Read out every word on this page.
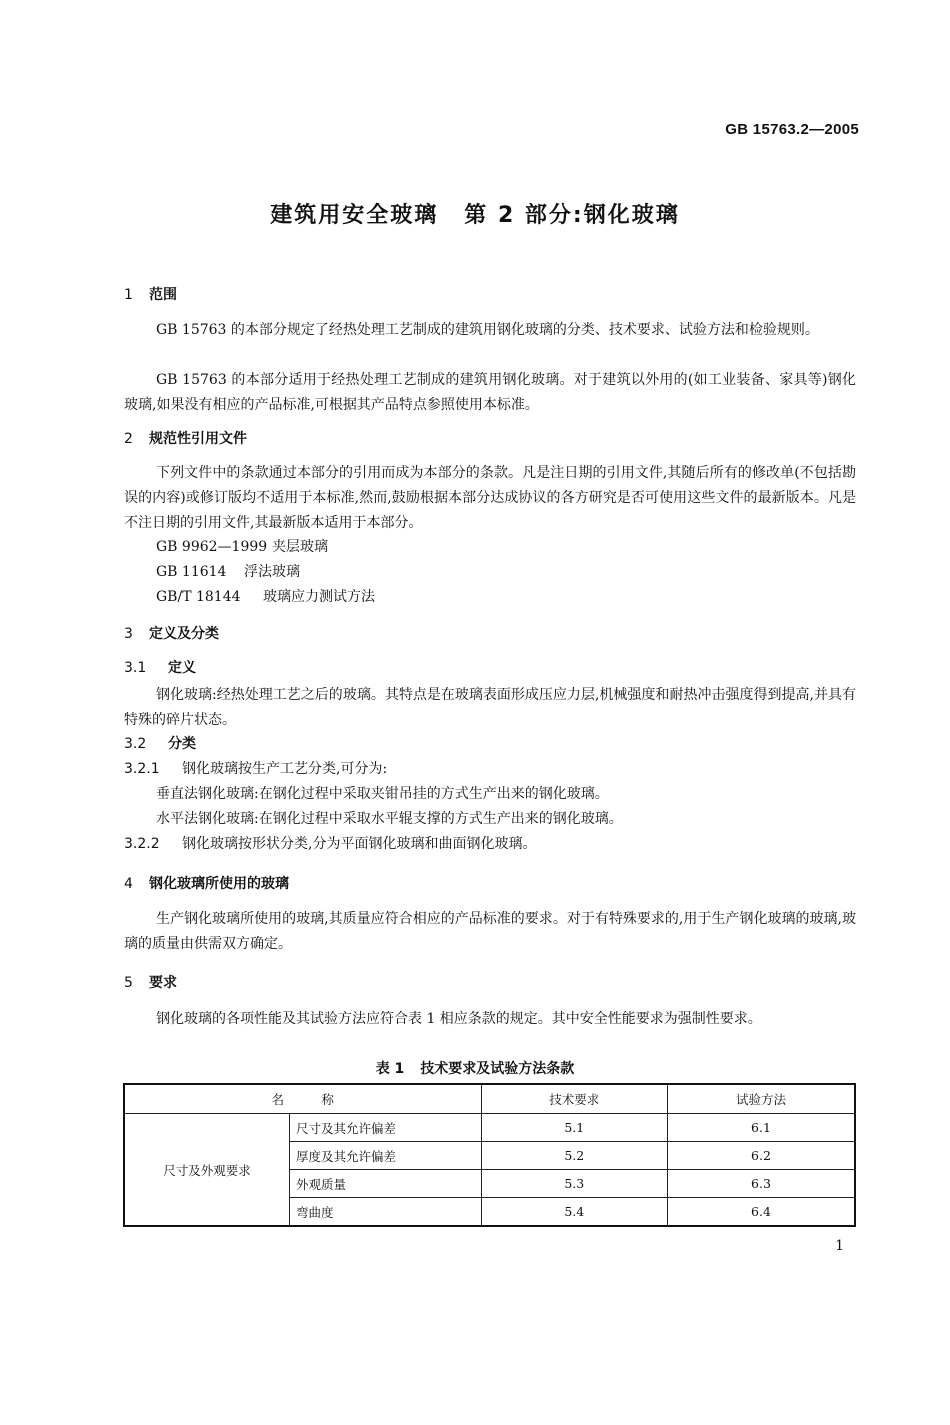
GB 15763.2—2005
建筑用安全玻璃 第 2 部分:钢化玻璃
1 范围
GB 15763 的本部分规定了经热处理工艺制成的建筑用钢化玻璃的分类、技术要求、试验方法和检验规则。
GB 15763 的本部分适用于经热处理工艺制成的建筑用钢化玻璃。对于建筑以外用的(如工业装备、家具等)钢化玻璃,如果没有相应的产品标准,可根据其产品特点参照使用本标准。
2 规范性引用文件
下列文件中的条款通过本部分的引用而成为本部分的条款。凡是注日期的引用文件,其随后所有的修改单(不包括勘误的内容)或修订版均不适用于本标准,然而,鼓励根据本部分达成协议的各方研究是否可使用这些文件的最新版本。凡是不注日期的引用文件,其最新版本适用于本部分。
GB 9962—1999 夹层玻璃
GB 11614 浮法玻璃
GB/T 18144 玻璃应力测试方法
3 定义及分类
3.1 定义
钢化玻璃:经热处理工艺之后的玻璃。其特点是在玻璃表面形成压应力层,机械强度和耐热冲击强度得到提高,并具有特殊的碎片状态。
3.2 分类
3.2.1 钢化玻璃按生产工艺分类,可分为:
垂直法钢化玻璃:在钢化过程中采取夹钳吊挂的方式生产出来的钢化玻璃。
水平法钢化玻璃:在钢化过程中采取水平辊支撑的方式生产出来的钢化玻璃。
3.2.2 钢化玻璃按形状分类,分为平面钢化玻璃和曲面钢化玻璃。
4 钢化玻璃所使用的玻璃
生产钢化玻璃所使用的玻璃,其质量应符合相应的产品标准的要求。对于有特殊要求的,用于生产钢化玻璃的玻璃,玻璃的质量由供需双方确定。
5 要求
钢化玻璃的各项性能及其试验方法应符合表 1 相应条款的规定。其中安全性能要求为强制性要求。
表 1 技术要求及试验方法条款
名　　　称		技术要求	试验方法
尺寸及外观要求	尺寸及其允许偏差	5.1	6.1
	厚度及其允许偏差	5.2	6.2
	外观质量	5.3	6.3
	弯曲度	5.4	6.4
1
